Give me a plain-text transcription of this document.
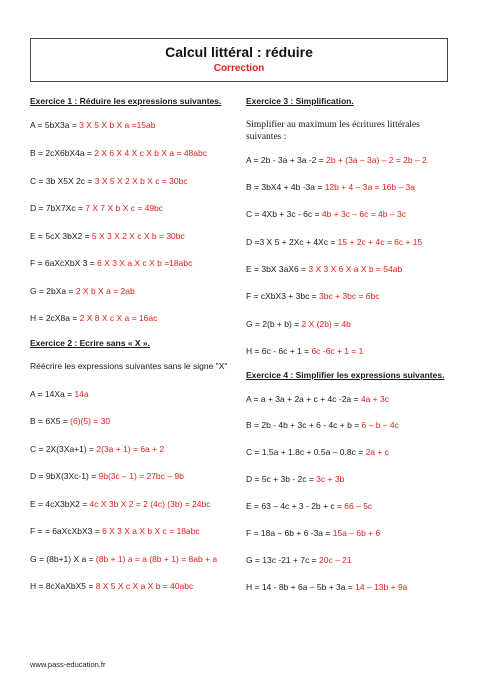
Calcul littéral : réduire
Correction
Exercice 1 : Réduire les expressions suivantes.
A = 5bX3a = 3 X 5 X b X a =15ab
B = 2cX6bX4a = 2 X 6 X 4 X c X b X a = 48abc
C = 3b X5X 2c = 3 X 5 X 2 X b X c = 30bc
D = 7bX7Xc = 7 X 7 X b X c = 49bc
E = 5cX 3bX2 = 5 X 3 X 2 X c X b = 30bc
F = 6aXcXbX 3 = 6 X 3 X a X c X b =18abc
G = 2bXa = 2 X b X a = 2ab
H = 2cX8a = 2 X 8 X c X a = 16ac
Exercice 2 : Ecrire sans « X ».
Réécrire les expressions suivantes sans le signe "X"
A = 14Xa = 14a
B = 6X5 = (6)(5) = 30
C = 2X(3Xa+1) = 2(3a + 1) = 6a + 2
D = 9bX(3Xc-1) = 9b(3c – 1) = 27bc – 9b
E = 4cX3bX2 = 4c X 3b X 2 = 2 (4c) (3b) = 24bc
F = = 6aXcXbX3 = 6 X 3 X a X b X c = 18abc
G = (8b+1) X a = (8b + 1) a = a (8b + 1) = 8ab + a
H = 8cXaXbX5 = 8 X 5 X c X a X b = 40abc
Exercice 3 : Simplification.
Simplifier au maximum les écritures littérales
suivantes :
A = 2b - 3a + 3a -2 = 2b + (3a – 3a) – 2 = 2b – 2
B = 3bX4 + 4b -3a = 12b + 4 – 3a = 16b – 3a
C = 4Xb + 3c - 6c = 4b + 3c – 6c = 4b – 3c
D =3 X 5 + 2Xc + 4Xc = 15 + 2c + 4c = 6c + 15
E = 3bX 3aX6 = 3 X 3 X 6 X a X b = 54ab
F = cXbX3 + 3bc = 3bc + 3bc = 6bc
G = 2(b + b) = 2 X (2b) = 4b
H = 6c - 6c + 1 = 6c -6c + 1 = 1
Exercice 4 : Simplifier les expressions suivantes.
A = a + 3a + 2a + c + 4c -2a = 4a + 3c
B = 2b - 4b + 3c + 6 - 4c + b = 6 – b – 4c
C = 1.5a + 1.8c + 0.5a – 0.8c = 2a + c
D = 5c + 3b - 2c = 3c + 3b
E = 63 – 4c + 3 - 2b + c = 66 – 5c
F = 18a – 6b + 6 -3a = 15a – 6b + 6
G = 13c -21 + 7c = 20c – 21
H = 14 - 8b + 6a – 5b + 3a = 14 – 13b + 9a
www.pass-education.fr
